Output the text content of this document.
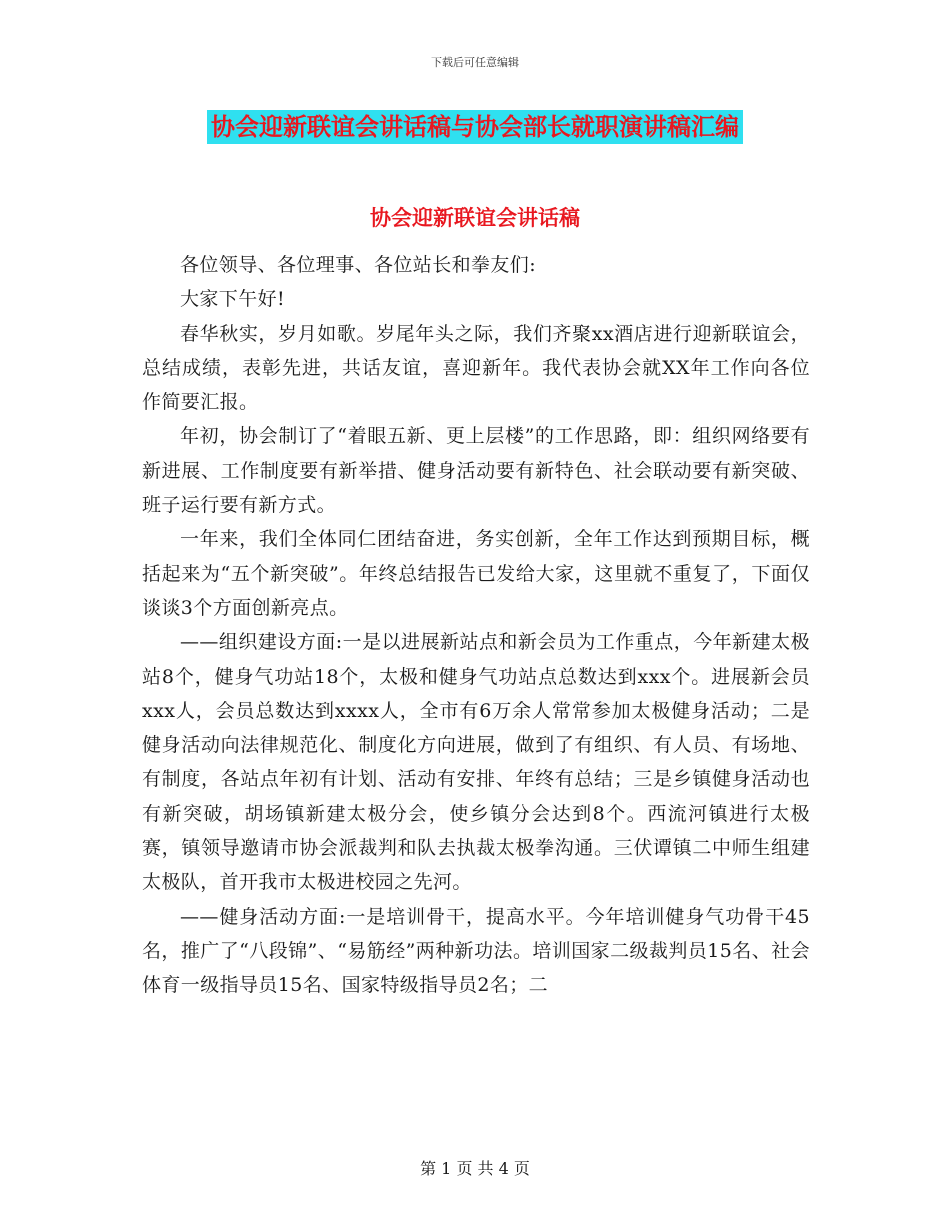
下载后可任意编辑
协会迎新联谊会讲话稿与协会部长就职演讲稿汇编
协会迎新联谊会讲话稿

各位领导、各位理事、各位站长和拳友们:

大家下午好!

春华秋实，岁月如歌。岁尾年头之际，我们齐聚xx酒店进行迎新联谊会，总结成绩，表彰先进，共话友谊，喜迎新年。我代表协会就XX年工作向各位作简要汇报。

年初，协会制订了“着眼五新、更上层楼”的工作思路，即：组织网络要有新进展、工作制度要有新举措、健身活动要有新特色、社会联动要有新突破、班子运行要有新方式。

一年来，我们全体同仁团结奋进，务实创新，全年工作达到预期目标，概括起来为“五个新突破”。年终总结报告已发给大家，这里就不重复了，下面仅谈谈3个方面创新亮点。

——组织建设方面:一是以进展新站点和新会员为工作重点，今年新建太极站8个，健身气功站18个，太极和健身气功站点总数达到xxx个。进展新会员xxx人，会员总数达到xxxx人，全市有6万余人常常参加太极健身活动；二是健身活动向法律规范化、制度化方向进展，做到了有组织、有人员、有场地、有制度，各站点年初有计划、活动有安排、年终有总结；三是乡镇健身活动也有新突破，胡场镇新建太极分会，使乡镇分会达到8个。西流河镇进行太极赛，镇领导邀请市协会派裁判和队去执裁太极拳沟通。三伏谭镇二中师生组建太极队，首开我市太极进校园之先河。

——健身活动方面:一是培训骨干，提高水平。今年培训健身气功骨干45名，推广了“八段锦”、“易筋经”两种新功法。培训国家二级裁判员15名、社会体育一级指导员15名、国家特级指导员2名；二

第 1 页 共 4 页
